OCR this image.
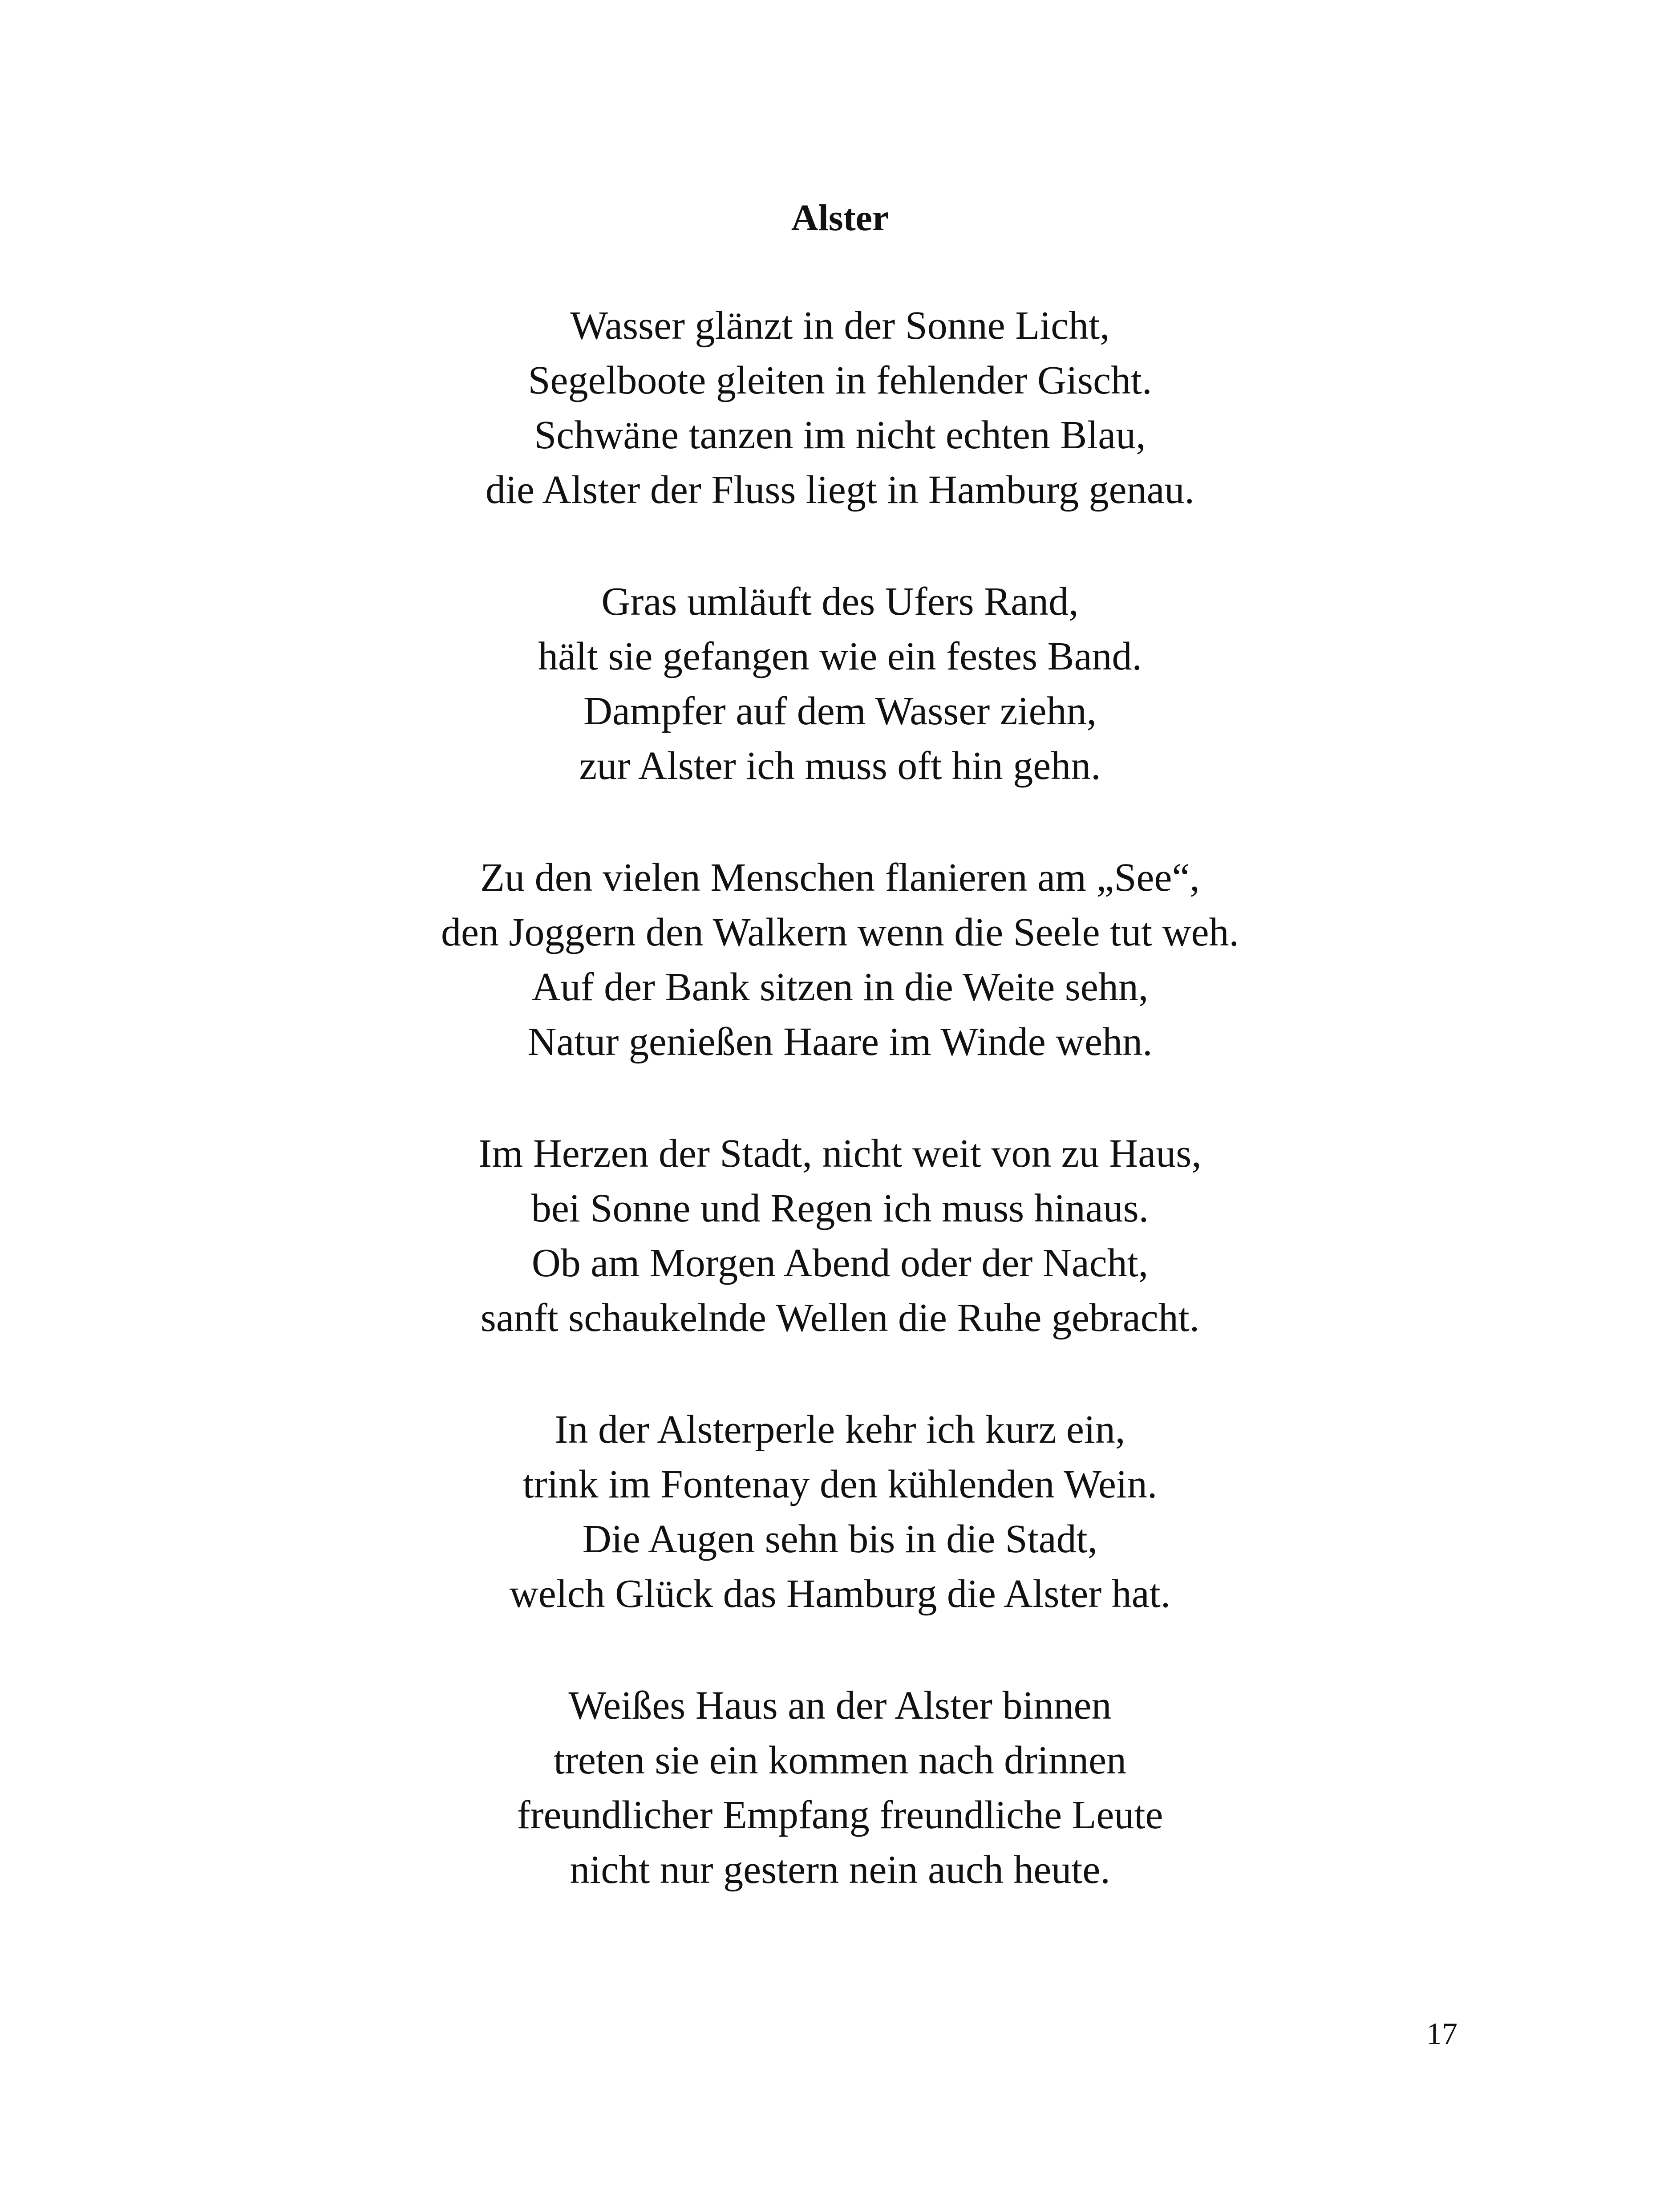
Alster
Wasser glänzt in der Sonne Licht,
Segelboote gleiten in fehlender Gischt.
Schwäne tanzen im nicht echten Blau,
die Alster der Fluss liegt in Hamburg genau.
Gras umläuft des Ufers Rand,
hält sie gefangen wie ein festes Band.
Dampfer auf dem Wasser ziehn,
zur Alster ich muss oft hin gehn.
Zu den vielen Menschen flanieren am „See“,
den Joggern den Walkern wenn die Seele tut weh.
Auf der Bank sitzen in die Weite sehn,
Natur genießen Haare im Winde wehn.
Im Herzen der Stadt, nicht weit von zu Haus,
bei Sonne und Regen ich muss hinaus.
Ob am Morgen Abend oder der Nacht,
sanft schaukelnde Wellen die Ruhe gebracht.
In der Alsterperle kehr ich kurz ein,
trink im Fontenay den kühlenden Wein.
Die Augen sehn bis in die Stadt,
welch Glück das Hamburg die Alster hat.
Weißes Haus an der Alster binnen
treten sie ein kommen nach drinnen
freundlicher Empfang freundliche Leute
nicht nur gestern nein auch heute.
17
